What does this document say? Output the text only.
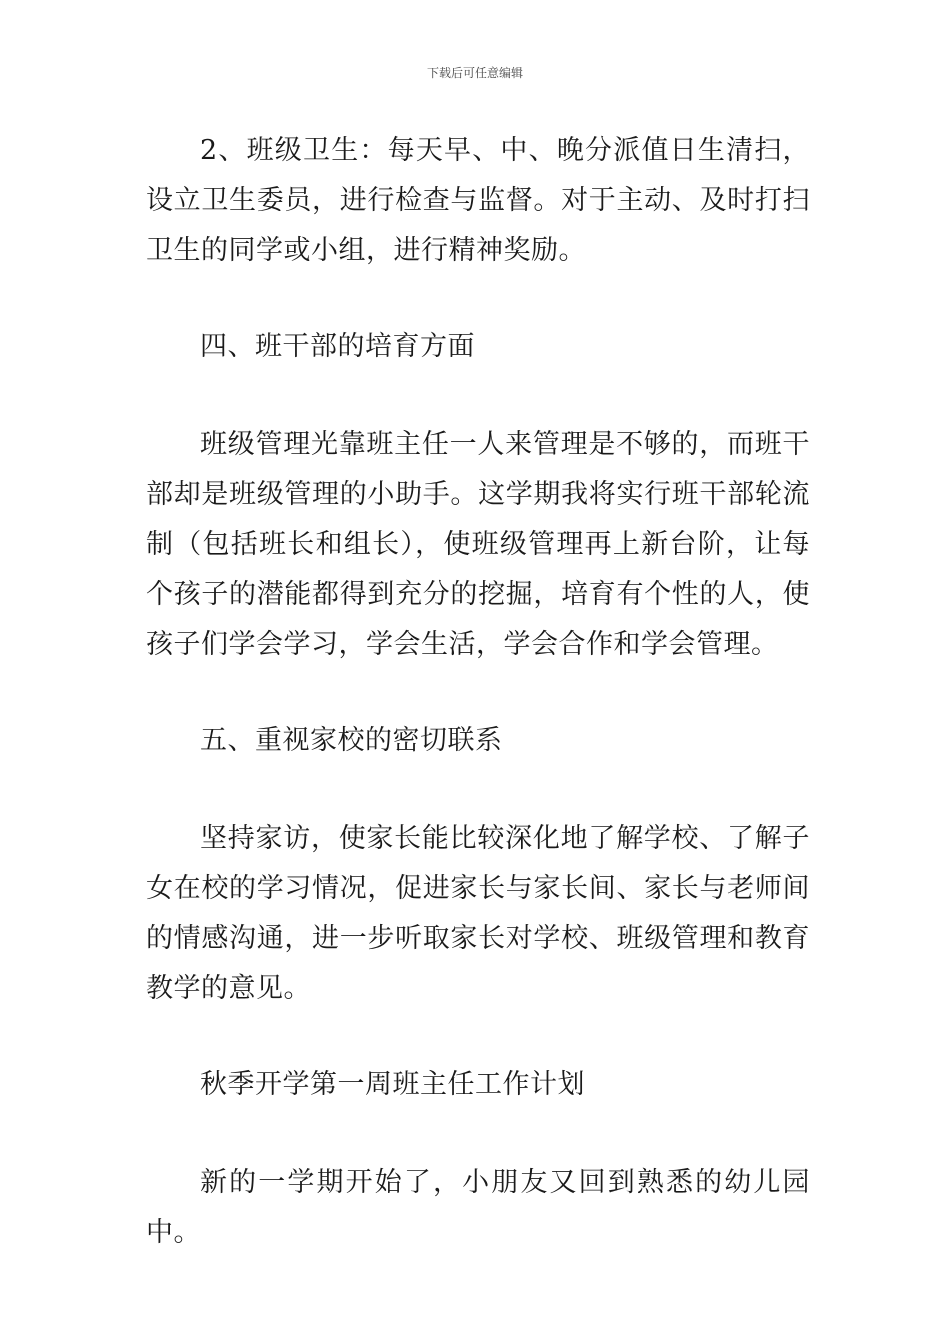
下载后可任意编辑

2、班级卫生：每天早、中、晚分派值日生清扫，设立卫生委员，进行检查与监督。对于主动、及时打扫卫生的同学或小组，进行精神奖励。

四、班干部的培育方面

班级管理光靠班主任一人来管理是不够的，而班干部却是班级管理的小助手。这学期我将实行班干部轮流制（包括班长和组长），使班级管理再上新台阶，让每个孩子的潜能都得到充分的挖掘，培育有个性的人，使孩子们学会学习，学会生活，学会合作和学会管理。

五、重视家校的密切联系

坚持家访，使家长能比较深化地了解学校、了解子女在校的学习情况，促进家长与家长间、家长与老师间的情感沟通，进一步听取家长对学校、班级管理和教育教学的意见。

秋季开学第一周班主任工作计划

新的一学期开始了，小朋友又回到熟悉的幼儿园中。
